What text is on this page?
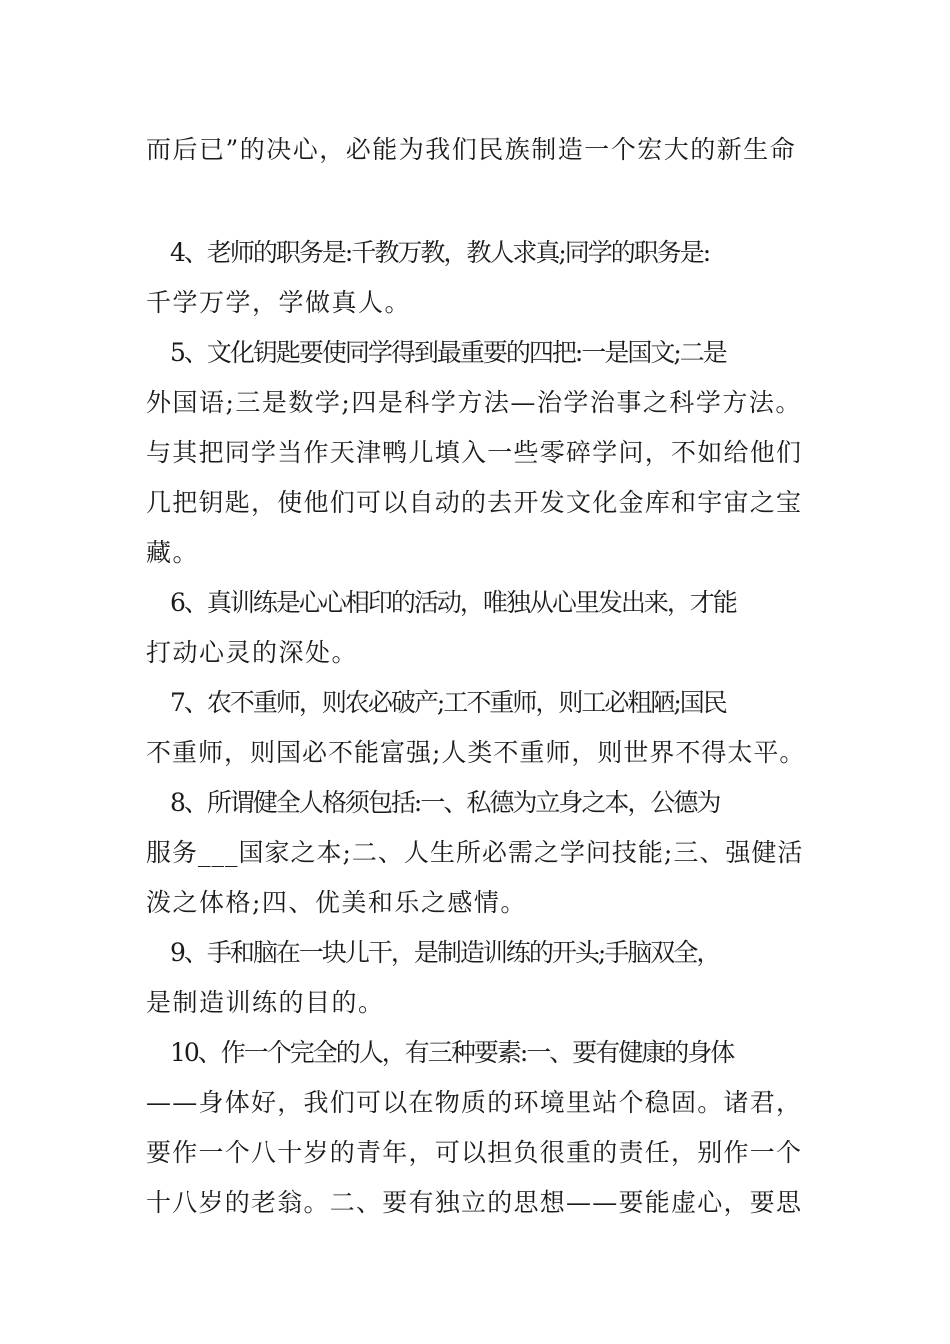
而后已”的决心，必能为我们民族制造一个宏大的新生命
4、老师的职务是:千教万教，教人求真;同学的职务是:
千学万学，学做真人。
5、文化钥匙要使同学得到最重要的四把:一是国文;二是
外国语;三是数学;四是科学方法—治学治事之科学方法。
与其把同学当作天津鸭儿填入一些零碎学问，不如给他们
几把钥匙，使他们可以自动的去开发文化金库和宇宙之宝
藏。
6、真训练是心心相印的活动，唯独从心里发出来，才能
打动心灵的深处。
7、农不重师，则农必破产;工不重师，则工必粗陋;国民
不重师，则国必不能富强;人类不重师，则世界不得太平。
8、所谓健全人格须包括:一、私德为立身之本，公德为
服务___国家之本;二、人生所必需之学问技能;三、强健活
泼之体格;四、优美和乐之感情。
9、手和脑在一块儿干，是制造训练的开头;手脑双全，
是制造训练的目的。
10、作一个完全的人，有三种要素:一、要有健康的身体
——身体好，我们可以在物质的环境里站个稳固。诸君，
要作一个八十岁的青年，可以担负很重的责任，别作一个
十八岁的老翁。二、要有独立的思想——要能虚心，要思
